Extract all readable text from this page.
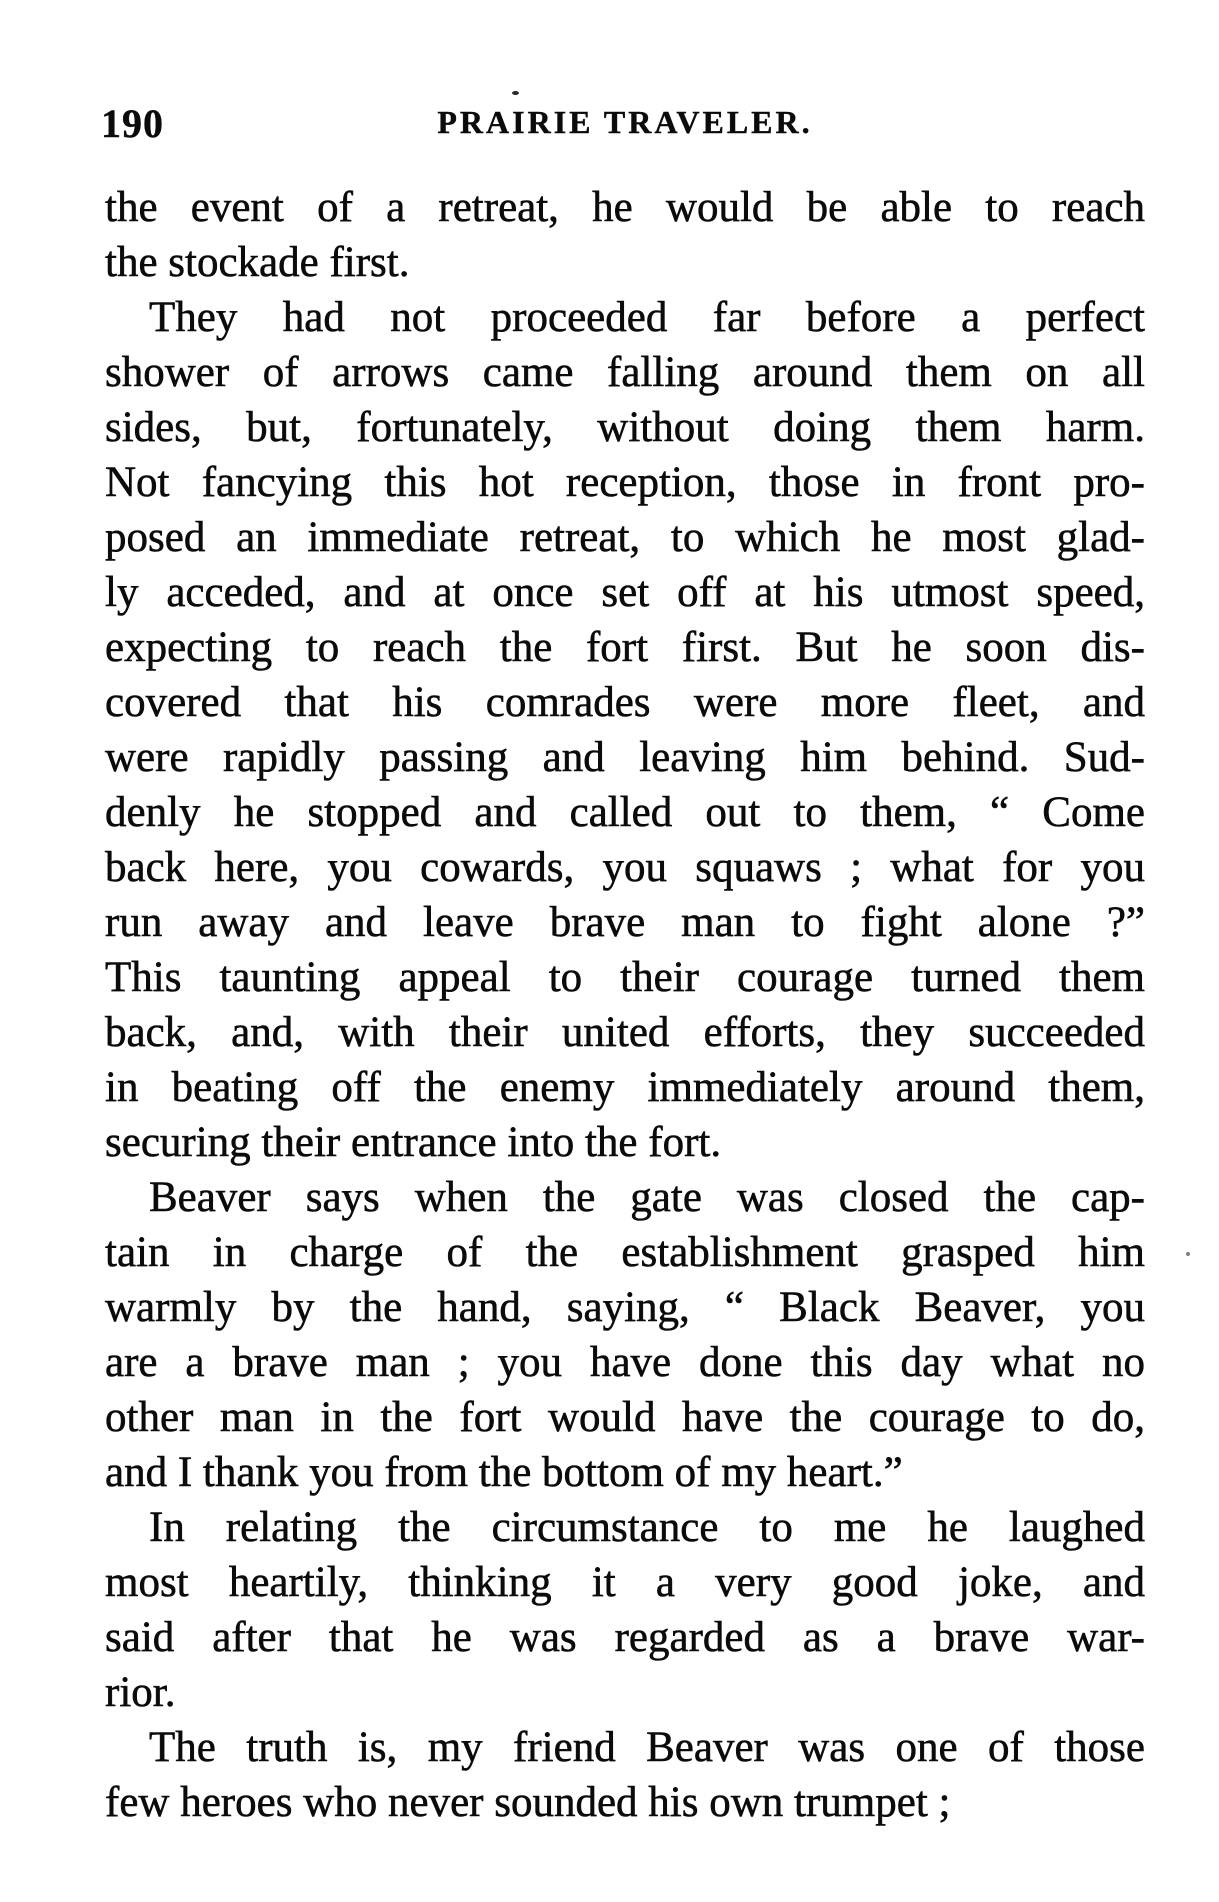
190	PRAIRIE TRAVELER.
the event of a retreat, he would be able to reach
the stockade first.
They had not proceeded far before a perfect
shower of arrows came falling around them on all
sides, but, fortunately, without doing them harm.
Not fancying this hot reception, those in front pro-
posed an immediate retreat, to which he most glad-
ly acceded, and at once set off at his utmost speed,
expecting to reach the fort first. But he soon dis-
covered that his comrades were more fleet, and
were rapidly passing and leaving him behind. Sud-
denly he stopped and called out to them, “ Come
back here, you cowards, you squaws ; what for you
run away and leave brave man to fight alone ?”
This taunting appeal to their courage turned them
back, and, with their united efforts, they succeeded
in beating off the enemy immediately around them,
securing their entrance into the fort.
Beaver says when the gate was closed the cap-
tain in charge of the establishment grasped him
warmly by the hand, saying, “ Black Beaver, you
are a brave man ; you have done this day what no
other man in the fort would have the courage to do,
and I thank you from the bottom of my heart.”
In relating the circumstance to me he laughed
most heartily, thinking it a very good joke, and
said after that he was regarded as a brave war-
rior.
The truth is, my friend Beaver was one of those
few heroes who never sounded his own trumpet ;
